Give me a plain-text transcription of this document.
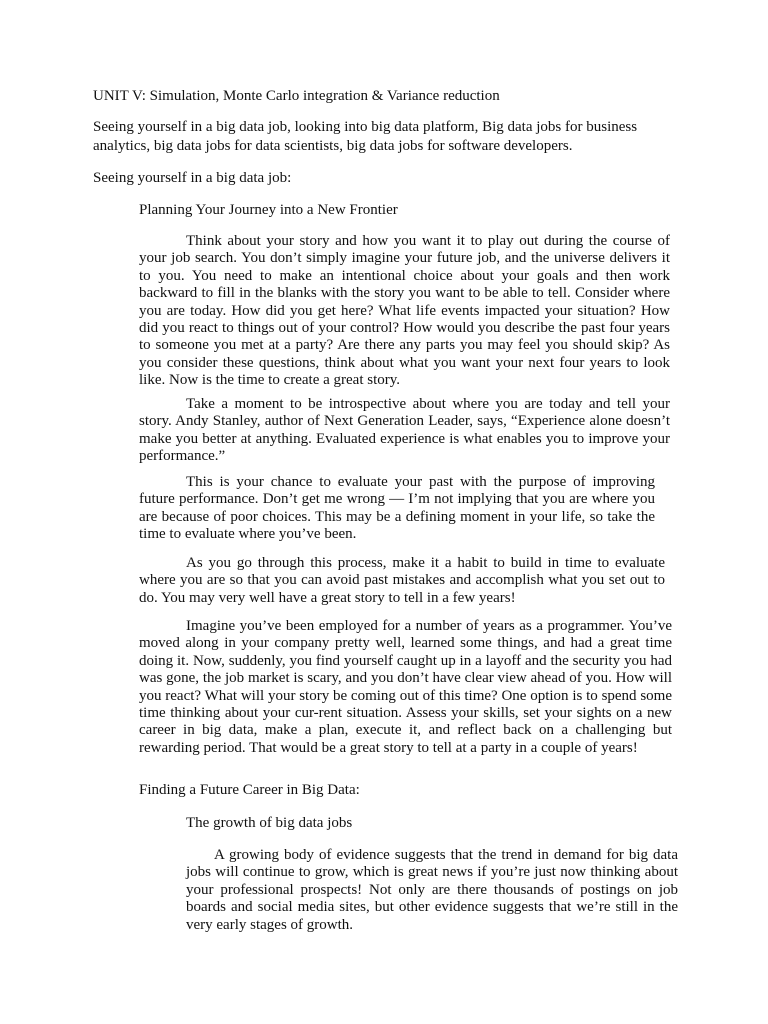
UNIT V: Simulation, Monte Carlo integration & Variance reduction

Seeing yourself in a big data job, looking into big data platform, Big data jobs for business

analytics, big data jobs for data scientists, big data jobs for software developers.

Seeing yourself in a big data job:

Planning Your Journey into a New Frontier

Think about your story and how you want it to play out during the course of your job search. You don’t simply imagine your future job, and the universe delivers it to you. You need to make an intentional choice about your goals and then work backward to fill in the blanks with the story you want to be able to tell. Consider where you are today. How did you get here? What life events impacted your situation? How did you react to things out of your control? How would you describe the past four years to someone you met at a party? Are there any parts you may feel you should skip? As you consider these questions, think about what you want your next four years to look like. Now is the time to create a great story.

Take a moment to be introspective about where you are today and tell your story. Andy Stanley, author of Next Generation Leader, says, “Experience alone doesn’t make you better at anything. Evaluated experience is what enables you to improve your performance.”

This is your chance to evaluate your past with the purpose of improving future performance. Don’t get me wrong — I’m not implying that you are where you are because of poor choices. This may be a defining moment in your life, so take the time to evaluate where you’ve been.

As you go through this process, make it a habit to build in time to evaluate where you are so that you can avoid past mistakes and accomplish what you set out to do. You may very well have a great story to tell in a few years!

Imagine you’ve been employed for a number of years as a programmer. You’ve moved along in your company pretty well, learned some things, and had a great time doing it. Now, suddenly, you find yourself caught up in a layoff and the security you had was gone, the job market is scary, and you don’t have clear view ahead of you. How will you react? What will your story be coming out of this time? One option is to spend some time thinking about your cur-rent situation. Assess your skills, set your sights on a new career in big data, make a plan, execute it, and reflect back on a challenging but rewarding period. That would be a great story to tell at a party in a couple of years!

Finding a Future Career in Big Data:

The growth of big data jobs

A growing body of evidence suggests that the trend in demand for big data jobs will continue to grow, which is great news if you’re just now thinking about your professional prospects! Not only are there thousands of postings on job boards and social media sites, but other evidence suggests that we’re still in the very early stages of growth.
